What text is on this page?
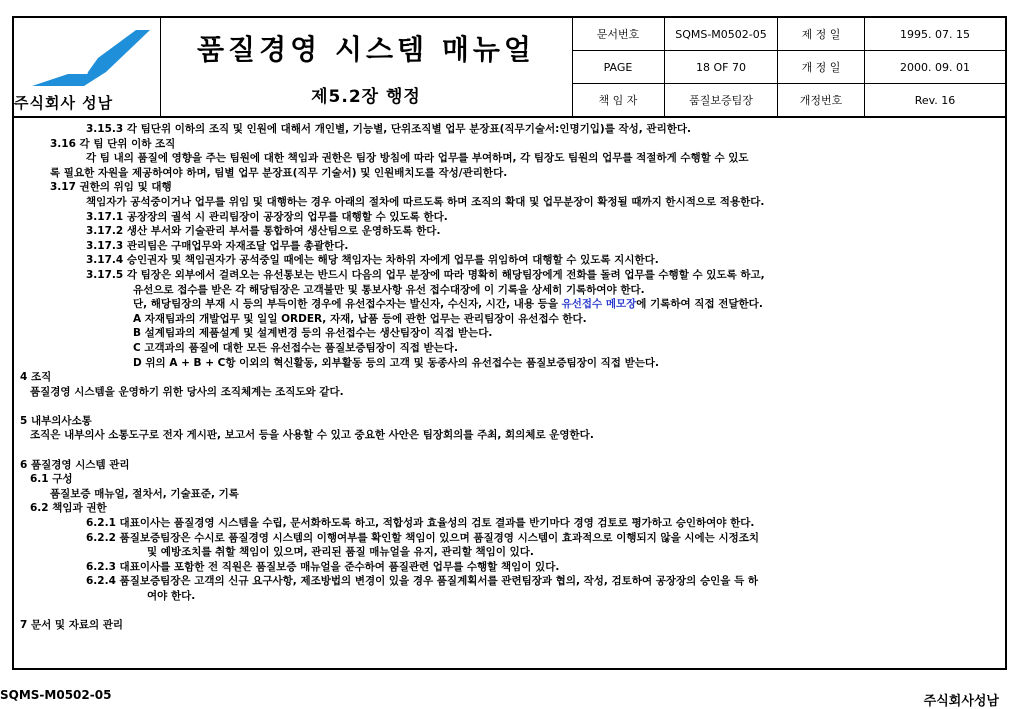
주식회사 성남
품질경영 시스템 매뉴얼
제5.2장 행정
문서번호	SQMS-M0502-05	제 정 일	1995. 07. 15
PAGE	18 OF 70	개 정 일	2000. 09. 01
책 임 자	품질보증팀장	개정번호	Rev. 16
3.15.3 각 팀단위 이하의 조직 및 인원에 대해서 개인별, 기능별, 단위조직별 업무 분장표(직무기술서:인명기입)를 작성, 관리한다.
3.16 각 팀 단위 이하 조직
각 팀 내의 품질에 영향을 주는 팀원에 대한 책임과 권한은 팀장 방침에 따라 업무를 부여하며, 각 팀장도 팀원의 업무를 적절하게 수행할 수 있도
록 필요한 자원을 제공하여야 하며, 팀별 업무 분장표(직무 기술서) 및 인원배치도를 작성/관리한다.
3.17 권한의 위임 및 대행
책임자가 공석중이거나 업무를 위임 및 대행하는 경우 아래의 절차에 따르도록 하며 조직의 확대 및 업무분장이 확정될 때까지 한시적으로 적용한다.
3.17.1 공장장의 궐석 시 관리팀장이 공장장의 업무를 대행할 수 있도록 한다.
3.17.2 생산 부서와 기술관리 부서를 통합하여 생산팀으로 운영하도록 한다.
3.17.3 관리팀은 구매업무와 자재조달 업무를 총괄한다.
3.17.4 승인권자 및 책임권자가 공석중일 때에는 해당 책임자는 차하위 자에게 업무를 위임하여 대행할 수 있도록 지시한다.
3.17.5 각 팀장은 외부에서 걸려오는 유선통보는 반드시 다음의 업무 분장에 따라 명확히 해당팀장에게 전화를 돌려 업무를 수행할 수 있도록 하고,
유선으로 접수를 받은 각 해당팀장은 고객불만 및 통보사항 유선 접수대장에 이 기록을 상세히 기록하여야 한다.
단, 해당팀장의 부재 시 등의 부득이한 경우에 유선접수자는 발신자, 수신자, 시간, 내용 등을 유선접수 메모장에 기록하여 직접 전달한다.
A 자재팀과의 개발업무 및 일일 ORDER, 자재, 납품 등에 관한 업무는 관리팀장이 유선접수 한다.
B 설계팀과의 제품설계 및 설계변경 등의 유선접수는 생산팀장이 직접 받는다.
C 고객과의 품질에 대한 모든 유선접수는 품질보증팀장이 직접 받는다.
D 위의 A + B + C항 이외의 혁신활동, 외부활동 등의 고객 및 동종사의 유선접수는 품질보증팀장이 직접 받는다.
4 조직
품질경영 시스템을 운영하기 위한 당사의 조직체계는 조직도와 같다.
5 내부의사소통
조직은 내부의사 소통도구로 전자 게시판, 보고서 등을 사용할 수 있고 중요한 사안은 팀장회의를 주최, 회의체로 운영한다.
6 품질경영 시스템 관리
6.1 구성
품질보증 매뉴얼, 절차서, 기술표준, 기록
6.2 책임과 권한
6.2.1 대표이사는 품질경영 시스템을 수립, 문서화하도록 하고, 적합성과 효율성의 검토 결과를 반기마다 경영 검토로 평가하고 승인하여야 한다.
6.2.2 품질보증팀장은 수시로 품질경영 시스템의 이행여부를 확인할 책임이 있으며 품질경영 시스템이 효과적으로 이행되지 않을 시에는 시정조치
및 예방조치를 취할 책임이 있으며, 관리된 품질 매뉴얼을 유지, 관리할 책임이 있다.
6.2.3 대표이사를 포함한 전 직원은 품질보증 매뉴얼을 준수하여 품질관련 업무를 수행할 책임이 있다.
6.2.4 품질보증팀장은 고객의 신규 요구사항, 제조방법의 변경이 있을 경우 품질계획서를 관련팀장과 협의, 작성, 검토하여 공장장의 승인을 득 하
여야 한다.
7 문서 및 자료의 관리
SQMS-M0502-05	주식회사성남
